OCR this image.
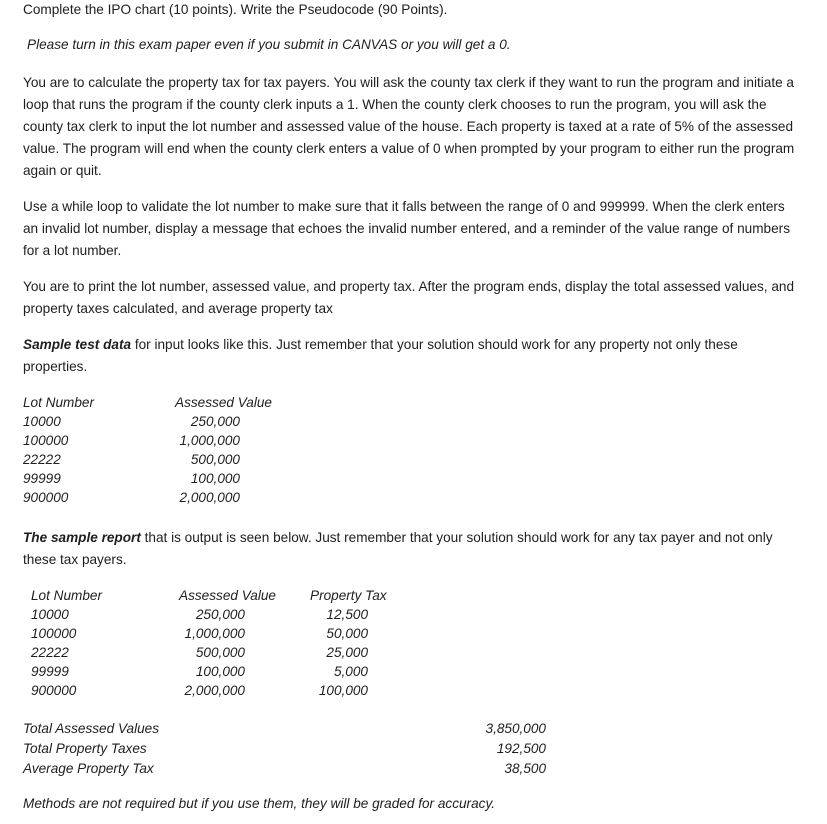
Complete the IPO chart (10 points). Write the Pseudocode (90 Points).
Please turn in this exam paper even if you submit in CANVAS or you will get a 0.

You are to calculate the property tax for tax payers. You will ask the county tax clerk if they want to run the program and initiate a loop that runs the program if the county clerk inputs a 1. When the county clerk chooses to run the program, you will ask the county tax clerk to input the lot number and assessed value of the house. Each property is taxed at a rate of 5% of the assessed value. The program will end when the county clerk enters a value of 0 when prompted by your program to either run the program again or quit.

Use a while loop to validate the lot number to make sure that it falls between the range of 0 and 999999. When the clerk enters an invalid lot number, display a message that echoes the invalid number entered, and a reminder of the value range of numbers for a lot number.

You are to print the lot number, assessed value, and property tax. After the program ends, display the total assessed values, and property taxes calculated, and average property tax

Sample test data for input looks like this. Just remember that your solution should work for any property not only these properties.

Lot Number	Assessed Value
10000	250,000
100000	1,000,000
22222	500,000
99999	100,000
900000	2,000,000

The sample report that is output is seen below. Just remember that your solution should work for any tax payer and not only these tax payers.

Lot Number	Assessed Value	Property Tax
10000	250,000	12,500
100000	1,000,000	50,000
22222	500,000	25,000
99999	100,000	5,000
900000	2,000,000	100,000
Total Assessed Values	3,850,000
Total Property Taxes	192,500
Average Property Tax	38,500
Methods are not required but if you use them, they will be graded for accuracy.
